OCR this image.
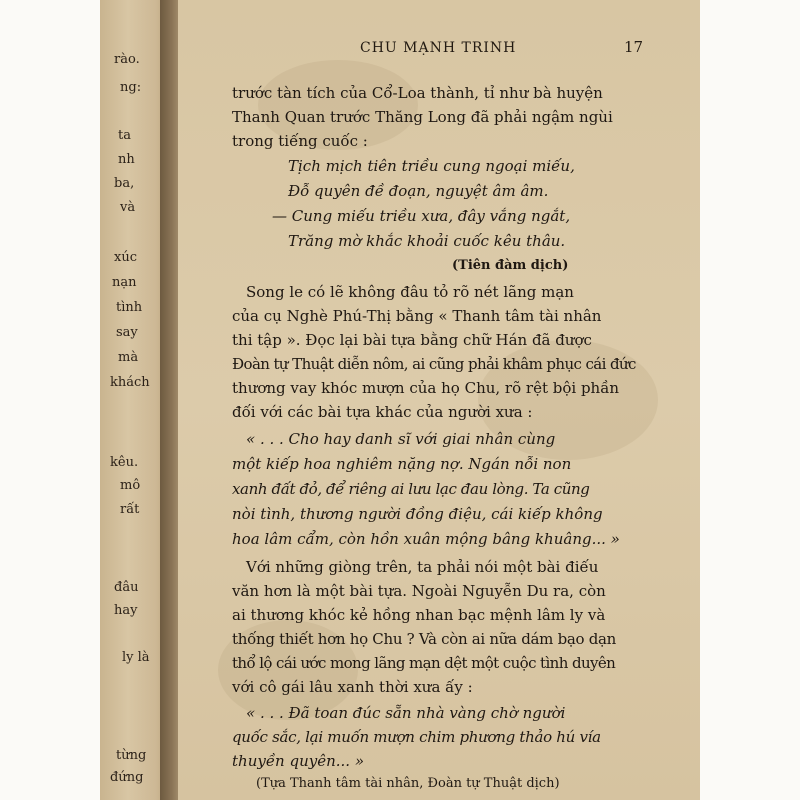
rào.
ng:
ta
nh
ba,
và
xúc
nạn
tình
say
mà
khách
kêu.
mô
rất
đâu
hay
ly là
từng
đứng
CHU MẠNH TRINH	17
trước tàn tích của Cổ-Loa thành, tỉ như bà huyện
Thanh Quan trước Thăng Long đã phải ngậm ngùi
trong tiếng cuốc :
Tịch mịch tiên triều cung ngoại miếu,
Đỗ quyên đề đoạn, nguyệt âm âm.
— Cung miếu triều xưa, đây vắng ngắt,
Trăng mờ khắc khoải cuốc kêu thâu.
(Tiên đàm dịch)
Song le có lẽ không đâu tỏ rõ nét lãng mạn
của cụ Nghè Phú-Thị bằng « Thanh tâm tài nhân
thi tập ». Đọc lại bài tựa bằng chữ Hán đã được
Đoàn tự Thuật diễn nôm, ai cũng phải khâm phục cái đức
thương vay khóc mượn của họ Chu, rõ rệt bội phần
đối với các bài tựa khác của người xưa :
« . . . Cho hay danh sĩ với giai nhân cùng
một kiếp hoa nghiêm nặng nợ. Ngán nỗi non
xanh đất đỏ, để riêng ai lưu lạc đau lòng. Ta cũng
nòi tình, thương người đồng điệu, cái kiếp không
hoa lâm cẩm, còn hồn xuân mộng bâng khuâng... »
Với những giòng trên, ta phải nói một bài điếu
văn hơn là một bài tựa. Ngoài Nguyễn Du ra, còn
ai thương khóc kẻ hồng nhan bạc mệnh lâm ly và
thống thiết hơn họ Chu ? Và còn ai nữa dám bạo dạn
thổ lộ cái ước mong lãng mạn dệt một cuộc tình duyên
với cô gái lâu xanh thời xưa ấy :
« . . . Đã toan đúc sẵn nhà vàng chờ người
quốc sắc, lại muốn mượn chim phương thảo hú vía
thuyền quyên... »
(Tựa Thanh tâm tài nhân, Đoàn tự Thuật dịch)
